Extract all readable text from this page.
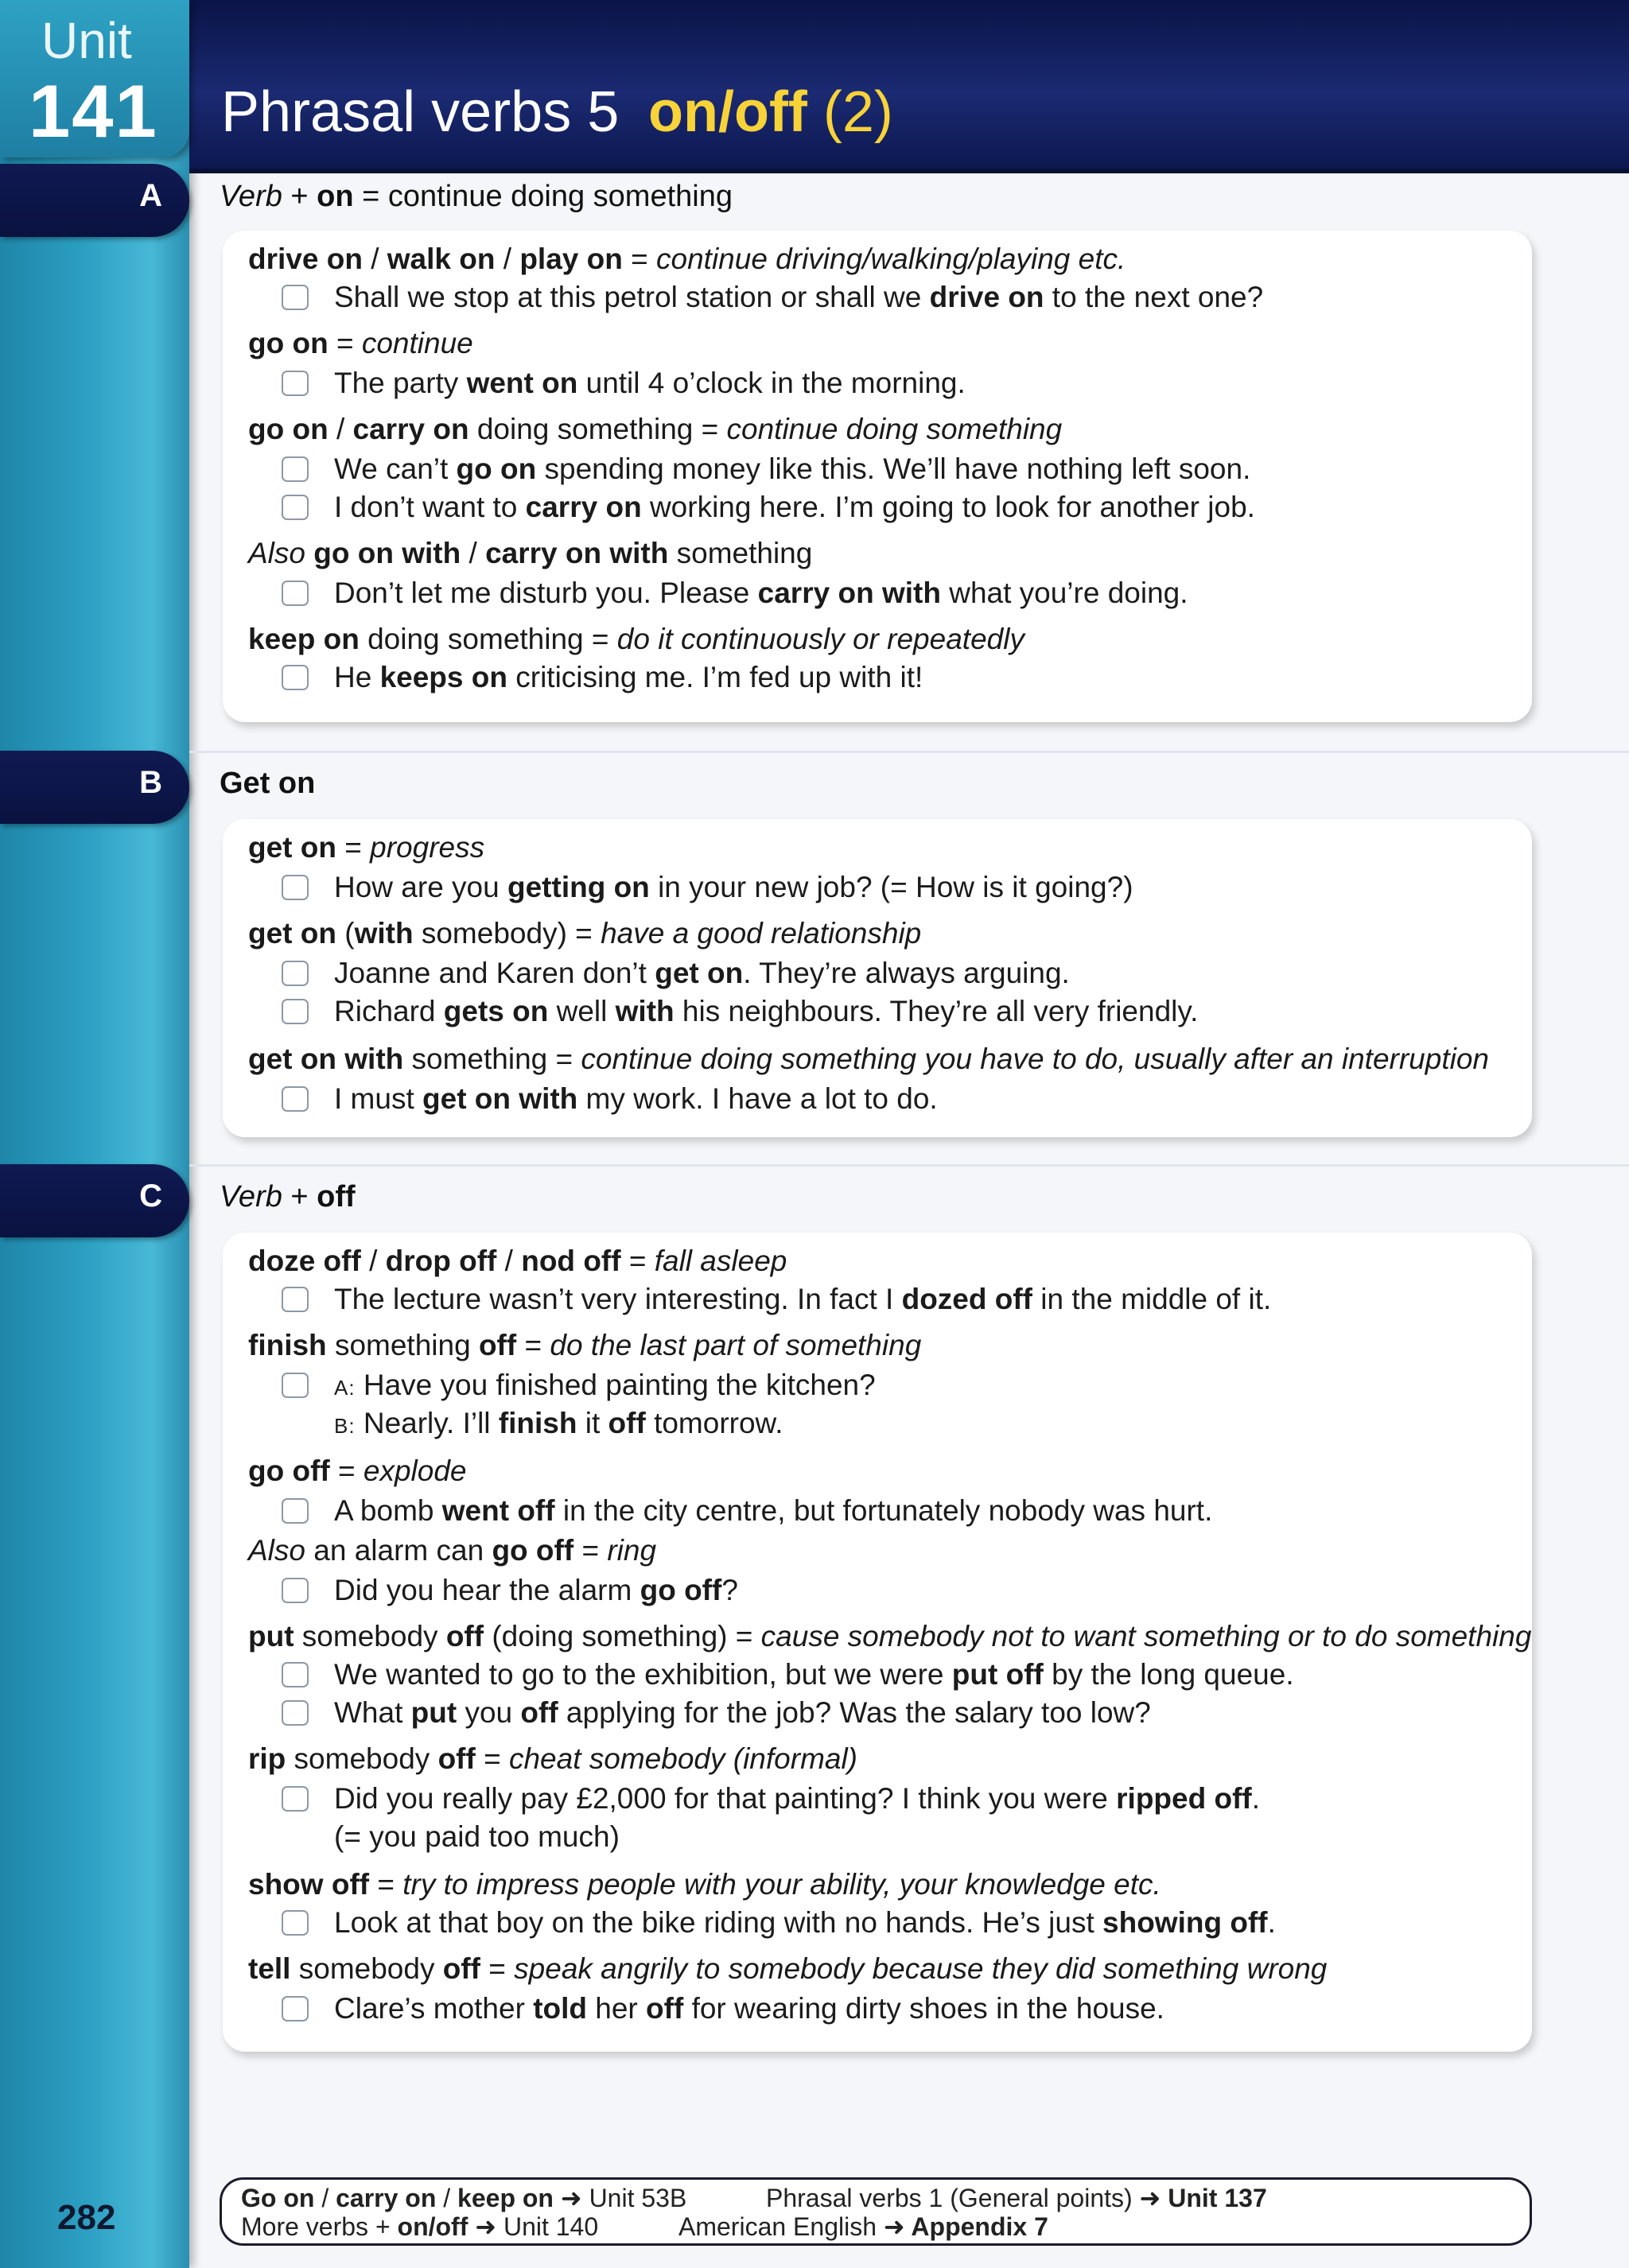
Unit
141 Phrasal verbs 5 on/off (2)
A Verb + on = continue doing something
drive on / walk on / play on = continue driving/walking/playing etc.
Shall we stop at this petrol station or shall we drive on to the next one?
go on = continue
The party went on until 4 o’clock in the morning.
go on / carry on doing something = continue doing something
We can’t go on spending money like this. We’ll have nothing left soon.
I don’t want to carry on working here. I’m going to look for another job.
Also go on with / carry on with something
Don’t let me disturb you. Please carry on with what you’re doing.
keep on doing something = do it continuously or repeatedly
He keeps on criticising me. I’m fed up with it!
B Get on
get on = progress
How are you getting on in your new job? (= How is it going?)
get on (with somebody) = have a good relationship
Joanne and Karen don’t get on. They’re always arguing.
Richard gets on well with his neighbours. They’re all very friendly.
get on with something = continue doing something you have to do, usually after an interruption
I must get on with my work. I have a lot to do.
C Verb + off
doze off / drop off / nod off = fall asleep
The lecture wasn’t very interesting. In fact I dozed off in the middle of it.
finish something off = do the last part of something
A: Have you finished painting the kitchen?
B: Nearly. I’ll finish it off tomorrow.
go off = explode
A bomb went off in the city centre, but fortunately nobody was hurt.
Also an alarm can go off = ring
Did you hear the alarm go off?
put somebody off (doing something) = cause somebody not to want something or to do something
We wanted to go to the exhibition, but we were put off by the long queue.
What put you off applying for the job? Was the salary too low?
rip somebody off = cheat somebody (informal)
Did you really pay £2,000 for that painting? I think you were ripped off.
(= you paid too much)
show off = try to impress people with your ability, your knowledge etc.
Look at that boy on the bike riding with no hands. He’s just showing off.
tell somebody off = speak angrily to somebody because they did something wrong
Clare’s mother told her off for wearing dirty shoes in the house.
282	Go on / carry on / keep on ➜ Unit 53B	Phrasal verbs 1 (General points) ➜ Unit 137
More verbs + on/off ➜ Unit 140	American English ➜ Appendix 7
